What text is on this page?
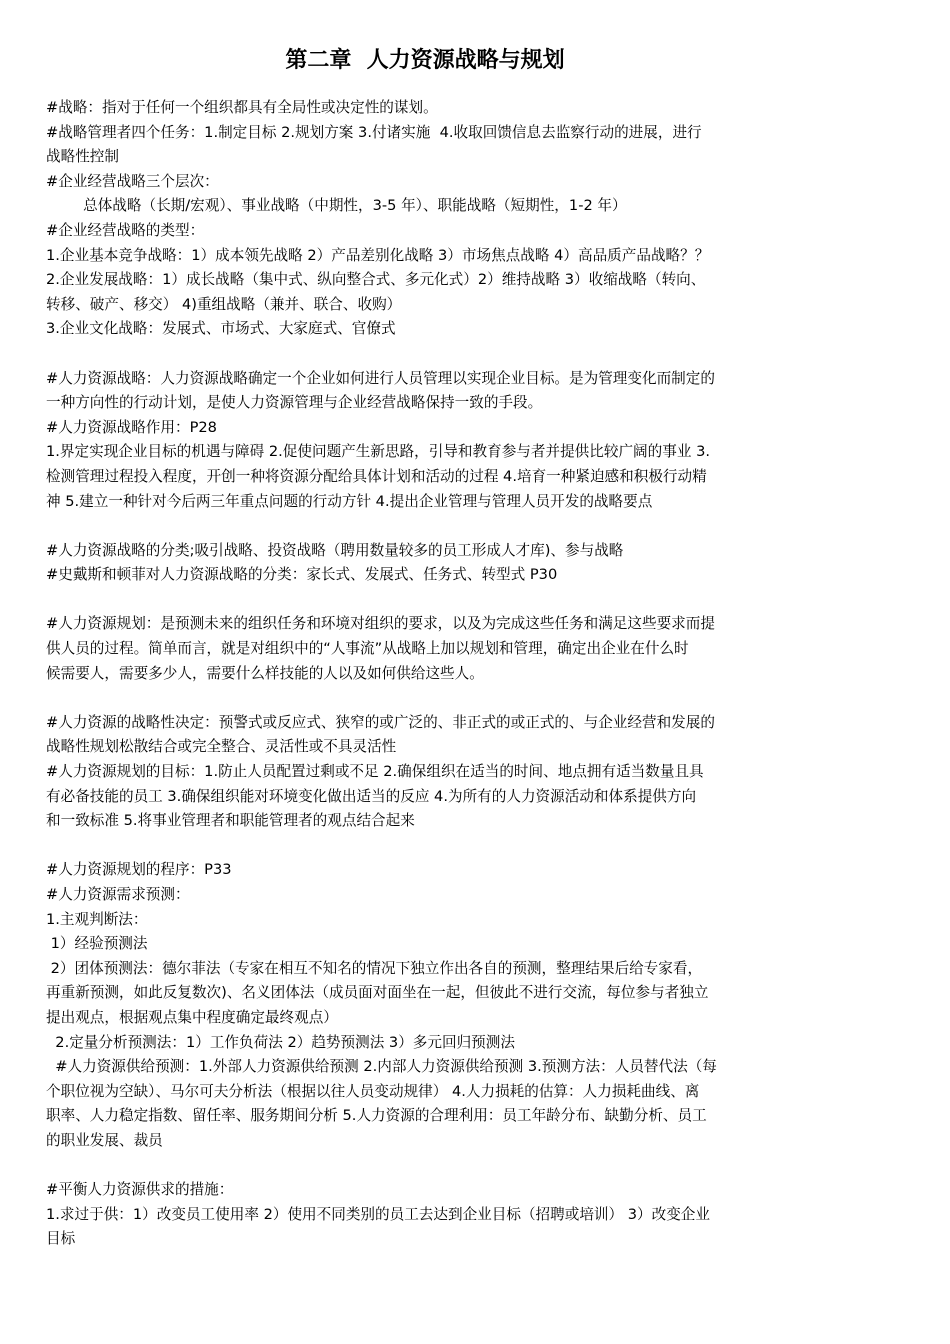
第二章  人力资源战略与规划
#战略：指对于任何一个组织都具有全局性或决定性的谋划。
#战略管理者四个任务：1.制定目标 2.规划方案 3.付诸实施  4.收取回馈信息去监察行动的进展，进行
战略性控制
#企业经营战略三个层次：
总体战略（长期/宏观）、事业战略（中期性，3-5 年）、职能战略（短期性，1-2 年）
#企业经营战略的类型：
1.企业基本竞争战略：1）成本领先战略 2）产品差别化战略 3）市场焦点战略 4）高品质产品战略？？
2.企业发展战略：1）成长战略（集中式、纵向整合式、多元化式）2）维持战略 3）收缩战略（转向、
转移、破产、移交） 4)重组战略（兼并、联合、收购）
3.企业文化战略：发展式、市场式、大家庭式、官僚式
#人力资源战略：人力资源战略确定一个企业如何进行人员管理以实现企业目标。是为管理变化而制定的
一种方向性的行动计划，是使人力资源管理与企业经营战略保持一致的手段。
#人力资源战略作用：P28
1.界定实现企业目标的机遇与障碍 2.促使问题产生新思路，引导和教育参与者并提供比较广阔的事业 3.
检测管理过程投入程度，开创一种将资源分配给具体计划和活动的过程 4.培育一种紧迫感和积极行动精
神 5.建立一种针对今后两三年重点问题的行动方针 4.提出企业管理与管理人员开发的战略要点
#人力资源战略的分类;吸引战略、投资战略（聘用数量较多的员工形成人才库)、参与战略
#史戴斯和顿菲对人力资源战略的分类：家长式、发展式、任务式、转型式 P30
#人力资源规划：是预测未来的组织任务和环境对组织的要求，以及为完成这些任务和满足这些要求而提
供人员的过程。简单而言，就是对组织中的“人事流”从战略上加以规划和管理，确定出企业在什么时
候需要人，需要多少人，需要什么样技能的人以及如何供给这些人。
#人力资源的战略性决定：预警式或反应式、狭窄的或广泛的、非正式的或正式的、与企业经营和发展的
战略性规划松散结合或完全整合、灵活性或不具灵活性
#人力资源规划的目标：1.防止人员配置过剩或不足 2.确保组织在适当的时间、地点拥有适当数量且具
有必备技能的员工 3.确保组织能对环境变化做出适当的反应 4.为所有的人力资源活动和体系提供方向
和一致标准 5.将事业管理者和职能管理者的观点结合起来
#人力资源规划的程序：P33
#人力资源需求预测：
1.主观判断法：
1）经验预测法
2）团体预测法：德尔菲法（专家在相互不知名的情况下独立作出各自的预测，整理结果后给专家看，
再重新预测，如此反复数次)、名义团体法（成员面对面坐在一起，但彼此不进行交流，每位参与者独立
提出观点，根据观点集中程度确定最终观点）
2.定量分析预测法：1）工作负荷法 2）趋势预测法 3）多元回归预测法
#人力资源供给预测：1.外部人力资源供给预测 2.内部人力资源供给预测 3.预测方法：人员替代法（每
个职位视为空缺）、马尔可夫分析法（根据以往人员变动规律） 4.人力损耗的估算：人力损耗曲线、离
职率、人力稳定指数、留任率、服务期间分析 5.人力资源的合理利用：员工年龄分布、缺勤分析、员工
的职业发展、裁员
#平衡人力资源供求的措施：
1.求过于供：1）改变员工使用率 2）使用不同类别的员工去达到企业目标（招聘或培训） 3）改变企业
目标
